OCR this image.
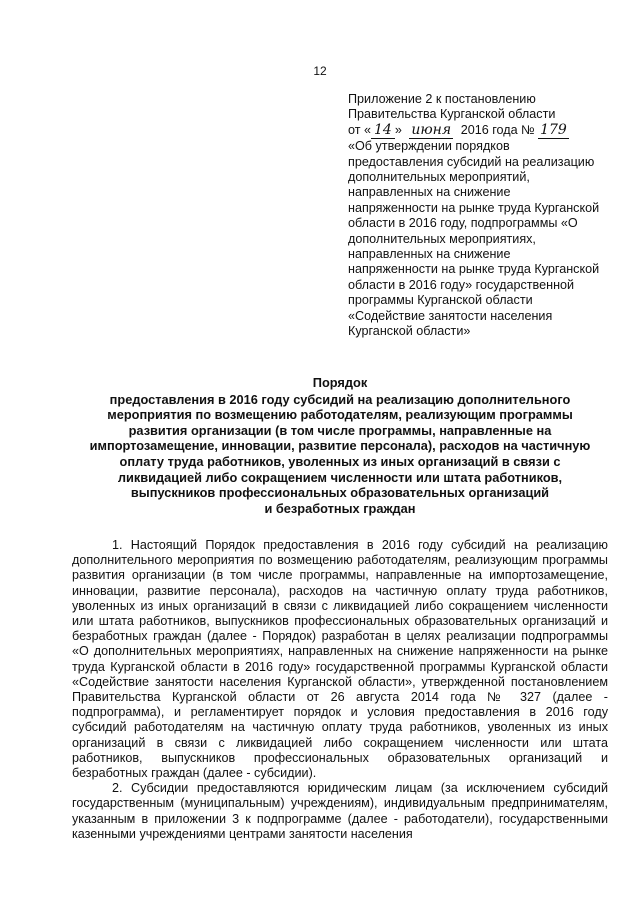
12
Приложение 2 к постановлению
Правительства Курганской области
от « 14 » июня 2016 года № 179
«Об утверждении порядков
предоставления субсидий на реализацию
дополнительных мероприятий,
направленных на снижение
напряженности на рынке труда Курганской
области в 2016 году, подпрограммы «О
дополнительных мероприятиях,
направленных на снижение
напряженности на рынке труда Курганской
области в 2016 году» государственной
программы Курганской области
«Содействие занятости населения
Курганской области»
Порядок
предоставления в 2016 году субсидий на реализацию дополнительного
мероприятия по возмещению работодателям, реализующим программы
развития организации (в том числе программы, направленные на
импортозамещение, инновации, развитие персонала), расходов на частичную
оплату труда работников, уволенных из иных организаций в связи с
ликвидацией либо сокращением численности или штата работников,
выпускников профессиональных образовательных организаций
и безработных граждан

1. Настоящий Порядок предоставления в 2016 году субсидий на реализацию дополнительного мероприятия по возмещению работодателям, реализующим программы развития организации (в том числе программы, направленные на импортозамещение, инновации, развитие персонала), расходов на частичную оплату труда работников, уволенных из иных организаций в связи с ликвидацией либо сокращением численности или штата работников, выпускников профессиональных образовательных организаций и безработных граждан (далее - Порядок) разработан в целях реализации подпрограммы «О дополнительных мероприятиях, направленных на снижение напряженности на рынке труда Курганской области в 2016 году» государственной программы Курганской области «Содействие занятости населения Курганской области», утвержденной постановлением Правительства Курганской области от 26 августа 2014 года № 327 (далее - подпрограмма), и регламентирует порядок и условия предоставления в 2016 году субсидий работодателям на частичную оплату труда работников, уволенных из иных организаций в связи с ликвидацией либо сокращением численности или штата работников, выпускников профессиональных образовательных организаций и безработных граждан (далее - субсидии).

2. Субсидии предоставляются юридическим лицам (за исключением субсидий государственным (муниципальным) учреждениям), индивидуальным предпринимателям, указанным в приложении 3 к подпрограмме (далее - работодатели), государственными казенными учреждениями центрами занятости населения
